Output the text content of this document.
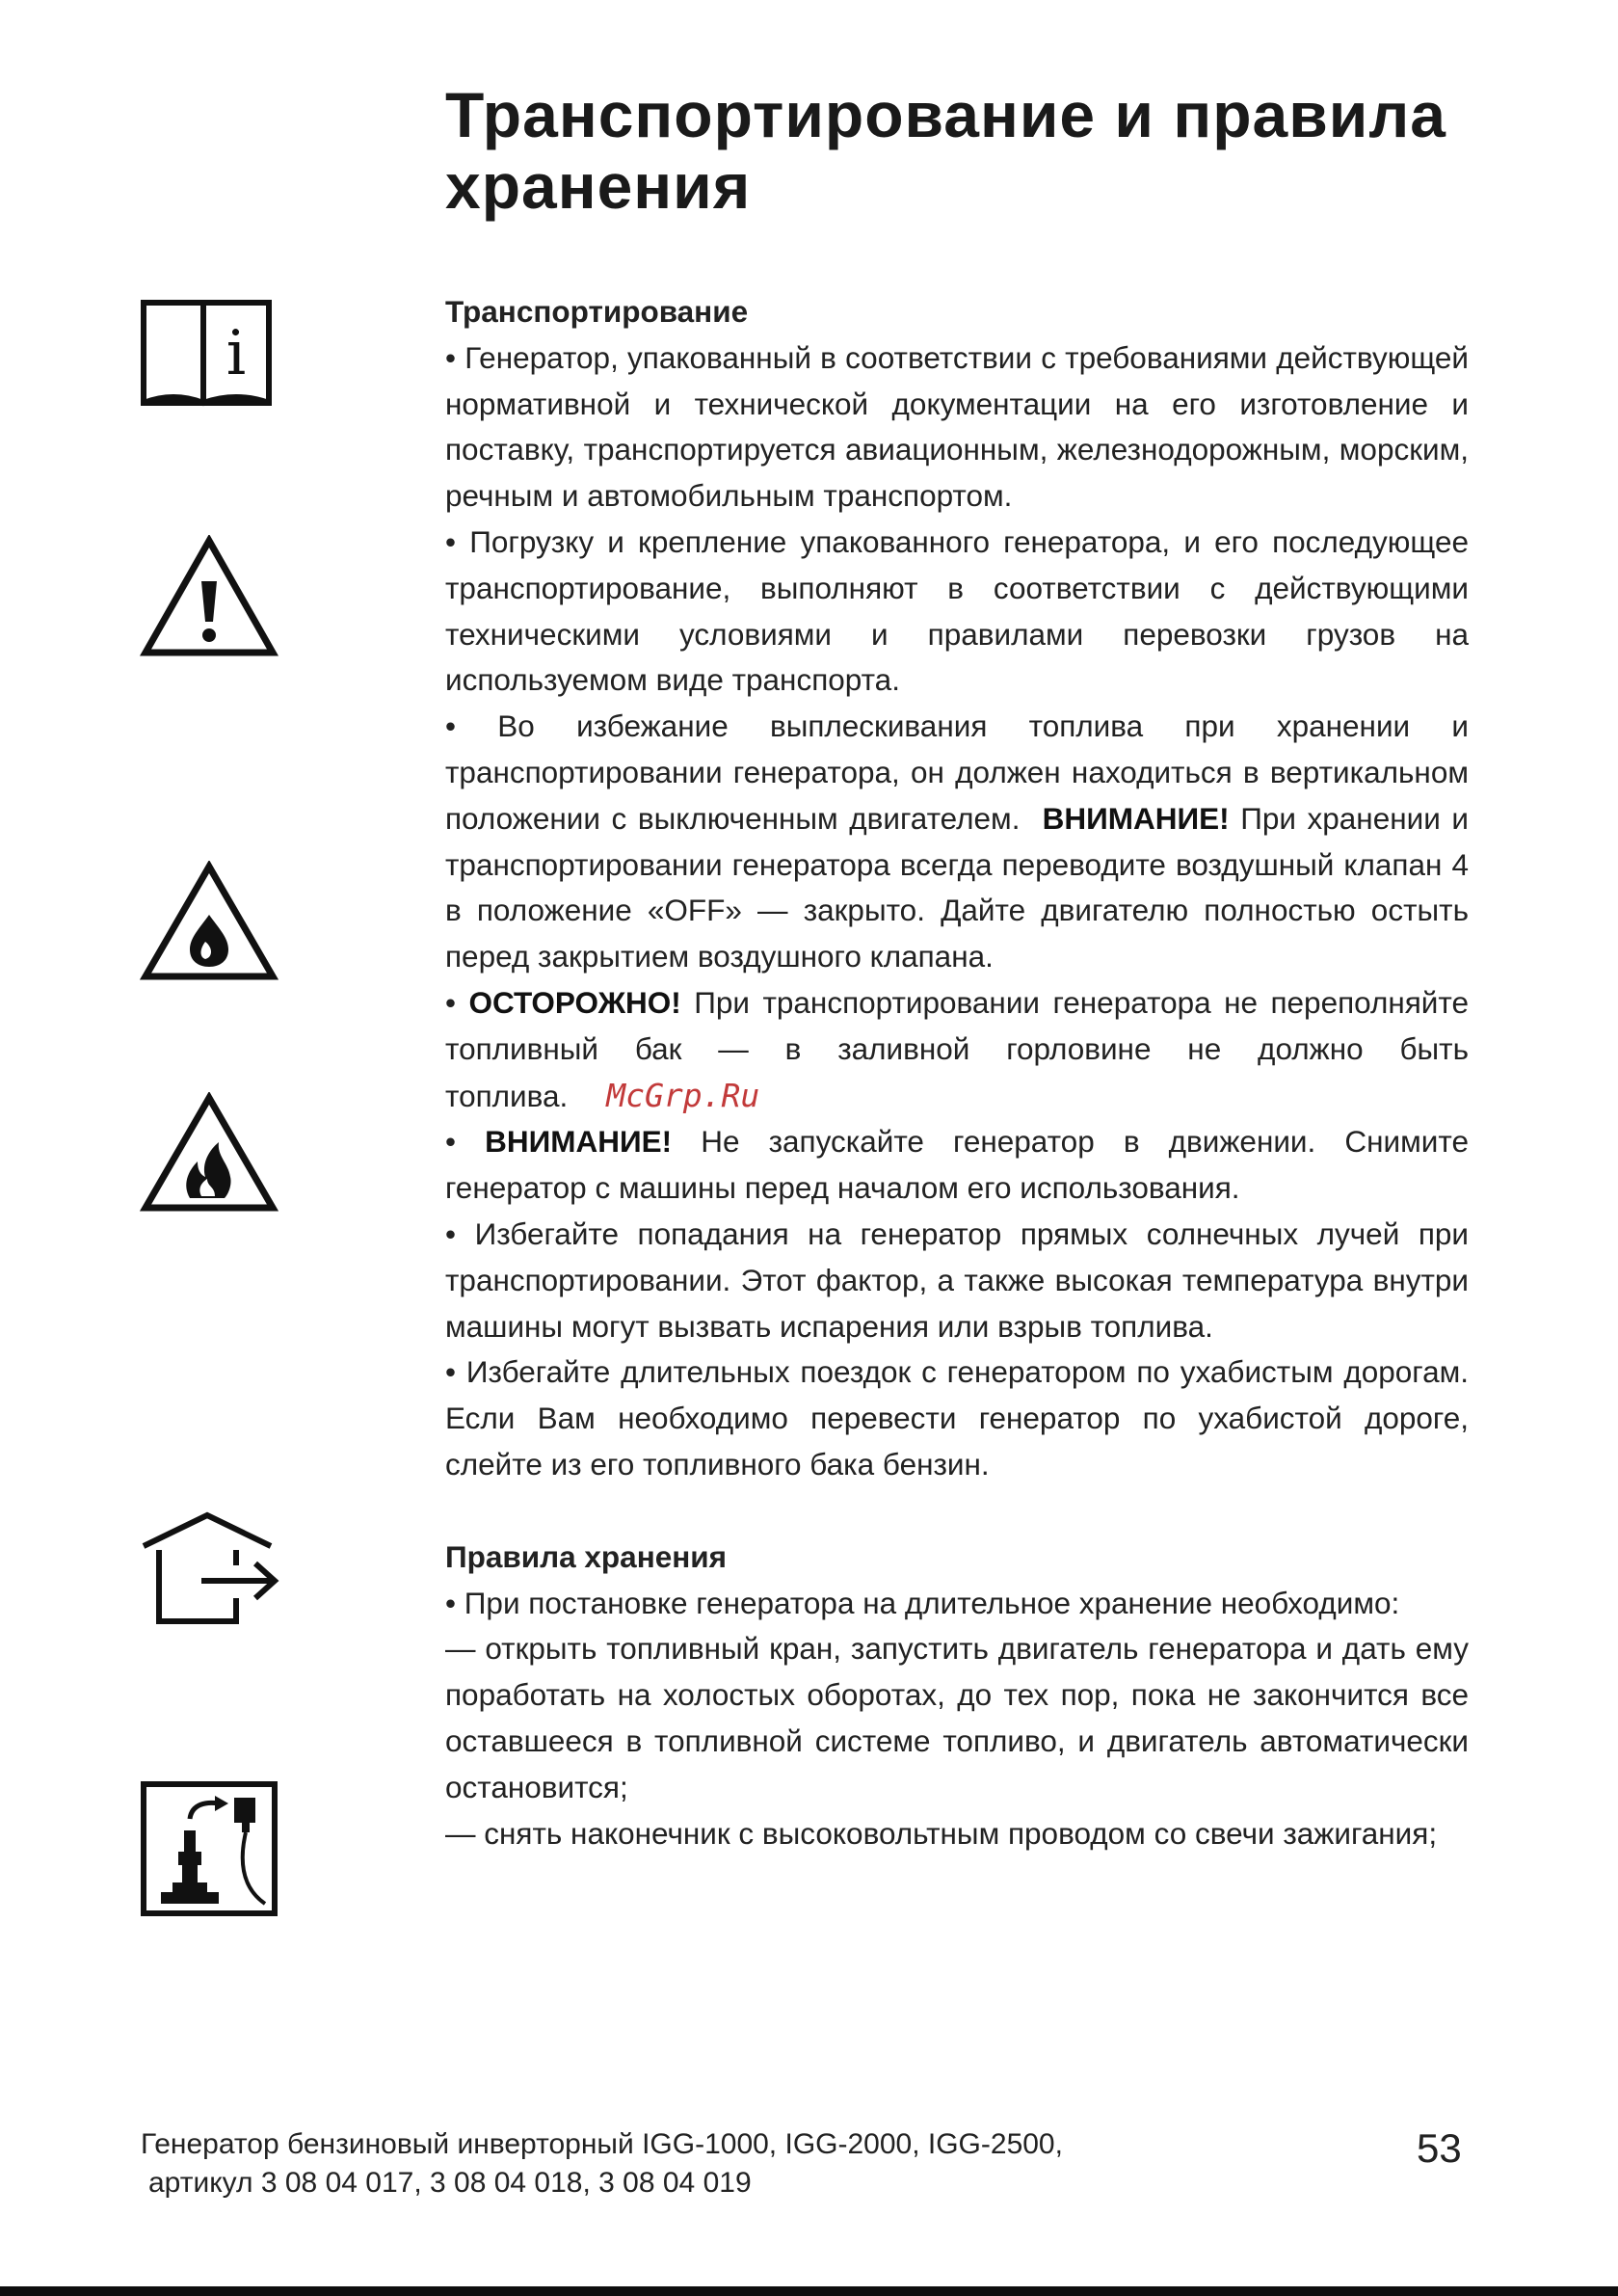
Транспортирование и правила
хранения
i

Транспортирование

• Генератор, упакованный в соответствии с требованиями действующей нормативной и технической документации на его изготовление и поставку, транспортируется авиационным, железнодорожным, морским, речным и автомобильным транспортом.

• Погрузку и крепление упакованного генератора, и его последующее транспортирование, выполняют в соответствии с действующими техническими условиями и правилами перевозки грузов на используемом виде транспорта.

• Во избежание выплескивания топлива при хранении и транспортировании генератора, он должен находиться в вертикальном положении с выключенным двигателем. ВНИМАНИЕ! При хранении и транспортировании генератора всегда переводите воздушный клапан 4 в положение «OFF» — закрыто. Дайте двигателю полностью остыть перед закрытием воздушного клапана.

• ОСТОРОЖНО! При транспортировании генератора не переполняйте топливный бак — в заливной горловине не должно быть топлива. McGrp.Ru

• ВНИМАНИЕ! Не запускайте генератор в движении. Снимите генератор с машины перед началом его использования.

• Избегайте попадания на генератор прямых солнечных лучей при транспортировании. Этот фактор, а также высокая температура внутри машины могут вызвать испарения или взрыв топлива.

• Избегайте длительных поездок с генератором по ухабистым дорогам. Если Вам необходимо перевести генератор по ухабистой дороге, слейте из его топливного бака бензин.

Правила хранения

• При постановке генератора на длительное хранение необходимо:

— открыть топливный кран, запустить двигатель генератора и дать ему поработать на холостых оборотах, до тех пор, пока не закончится все оставшееся в топливной системе топливо, и двигатель автоматически остановится;

— снять наконечник с высоковольтным проводом со свечи зажигания;

Генератор бензиновый инверторный IGG-1000, IGG-2000, IGG-2500,
артикул 3 08 04 017, 3 08 04 018, 3 08 04 019
53
